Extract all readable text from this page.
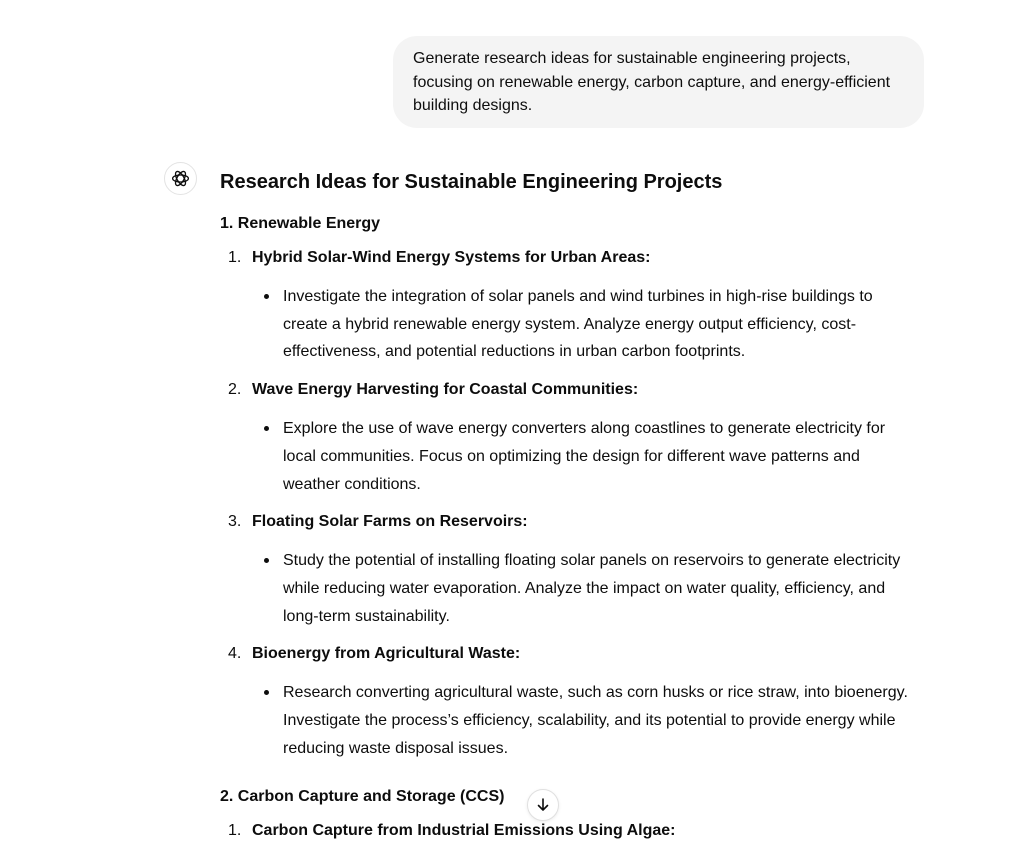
Generate research ideas for sustainable engineering projects, focusing on renewable energy, carbon capture, and energy-efficient building designs.
Research Ideas for Sustainable Engineering Projects
1. Renewable Energy
1. Hybrid Solar-Wind Energy Systems for Urban Areas:
Investigate the integration of solar panels and wind turbines in high-rise buildings to create a hybrid renewable energy system. Analyze energy output efficiency, cost-effectiveness, and potential reductions in urban carbon footprints.
2. Wave Energy Harvesting for Coastal Communities:
Explore the use of wave energy converters along coastlines to generate electricity for local communities. Focus on optimizing the design for different wave patterns and weather conditions.
3. Floating Solar Farms on Reservoirs:
Study the potential of installing floating solar panels on reservoirs to generate electricity while reducing water evaporation. Analyze the impact on water quality, efficiency, and long-term sustainability.
4. Bioenergy from Agricultural Waste:
Research converting agricultural waste, such as corn husks or rice straw, into bioenergy. Investigate the process’s efficiency, scalability, and its potential to provide energy while reducing waste disposal issues.
2. Carbon Capture and Storage (CCS)
1. Carbon Capture from Industrial Emissions Using Algae:
